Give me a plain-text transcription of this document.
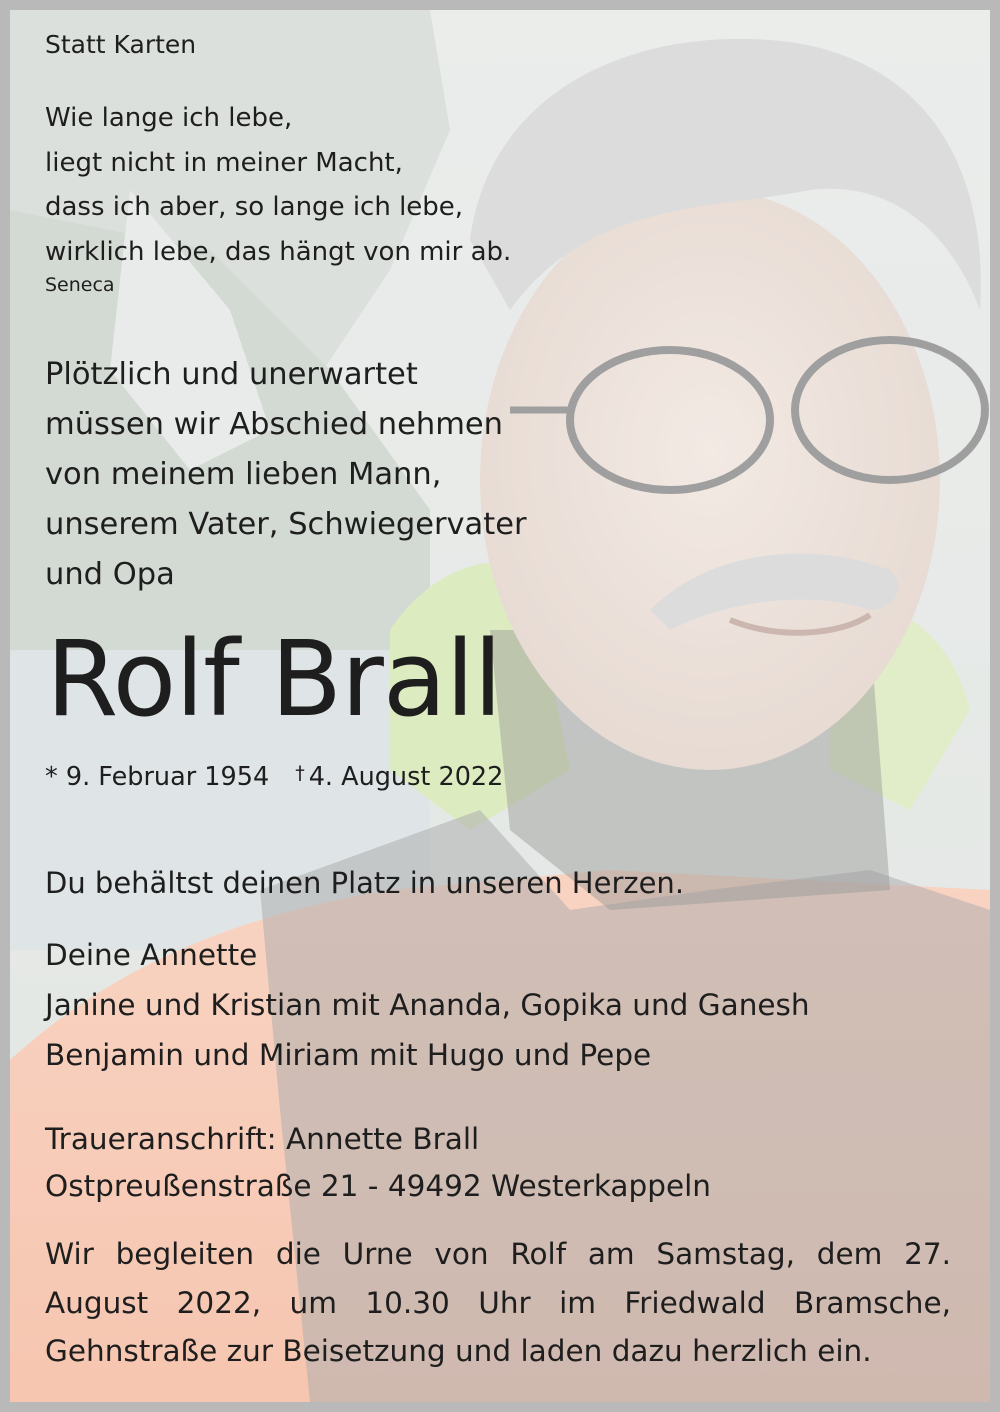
Statt Karten

Wie lange ich lebe,
liegt nicht in meiner Macht,
dass ich aber, so lange ich lebe,
wirklich lebe, das hängt von mir ab.

Seneca

Plötzlich und unerwartet
müssen wir Abschied nehmen
von meinem lieben Mann,
unserem Vater, Schwiegervater
und Opa

Rolf Brall

* 9. Februar 1954 † 4. August 2022

Du behältst deinen Platz in unseren Herzen.

Deine Annette
Janine und Kristian mit Ananda, Gopika und Ganesh
Benjamin und Miriam mit Hugo und Pepe
Traueranschrift: Annette Brall
Ostpreußenstraße 21 - 49492 Westerkappeln

Wir begleiten die Urne von Rolf am Samstag, dem 27. August 2022, um 10.30 Uhr im Friedwald Bramsche, Gehnstraße zur Beisetzung und laden dazu herzlich ein.
